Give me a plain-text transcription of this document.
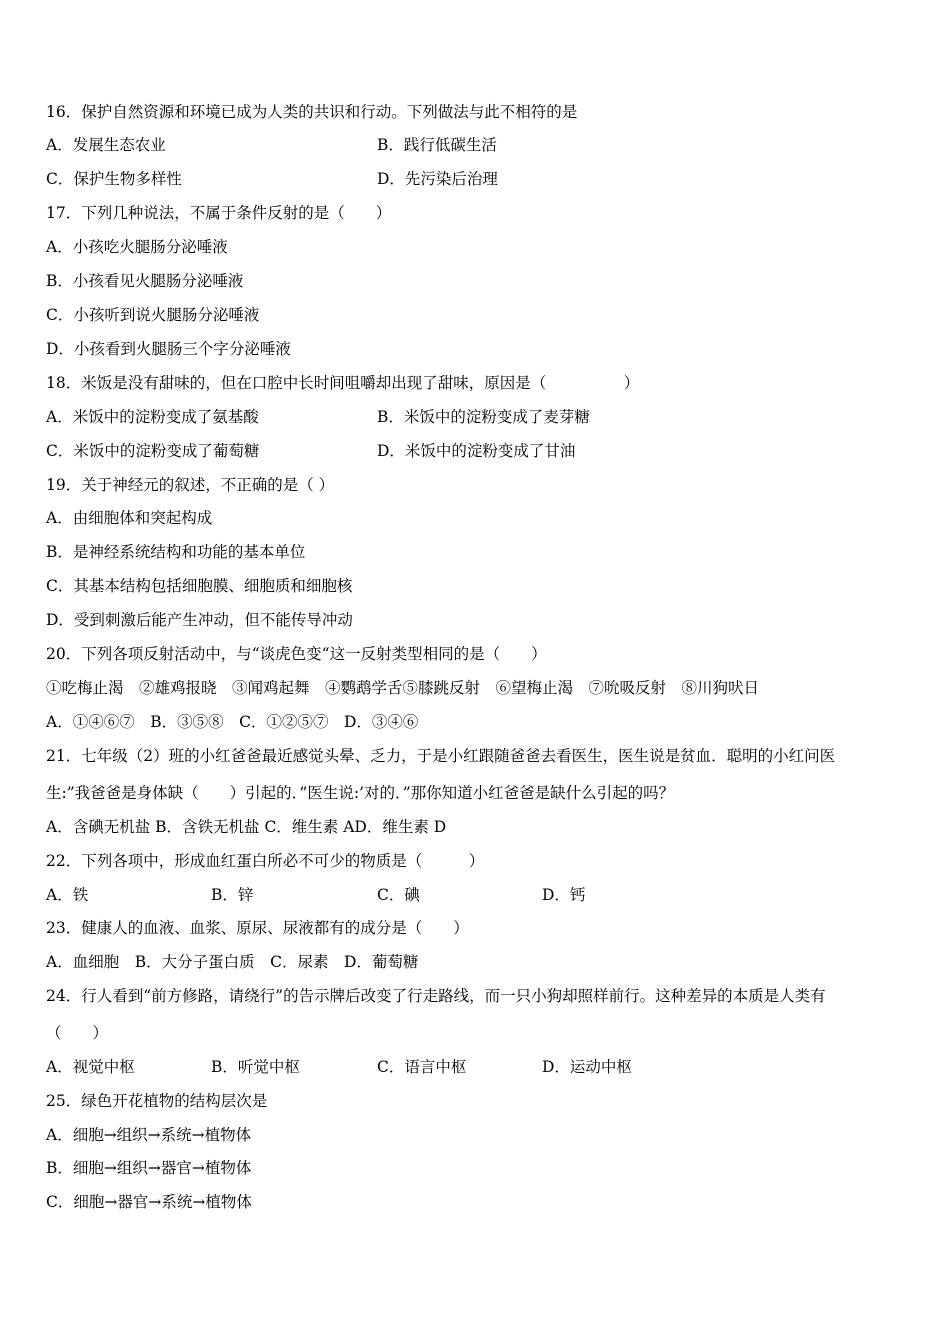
16．保护自然资源和环境已成为人类的共识和行动。下列做法与此不相符的是
A．发展生态农业	B．践行低碳生活
C．保护生物多样性	D．先污染后治理
17．下列几种说法，不属于条件反射的是（　　）
A．小孩吃火腿肠分泌唾液
B．小孩看见火腿肠分泌唾液
C．小孩听到说火腿肠分泌唾液
D．小孩看到火腿肠三个字分泌唾液
18．米饭是没有甜味的，但在口腔中长时间咀嚼却出现了甜味，原因是（　　　　　）
A．米饭中的淀粉变成了氨基酸	B．米饭中的淀粉变成了麦芽糖
C．米饭中的淀粉变成了葡萄糖	D．米饭中的淀粉变成了甘油
19．关于神经元的叙述，不正确的是（ ）
A．由细胞体和突起构成
B．是神经系统结构和功能的基本单位
C．其基本结构包括细胞膜、细胞质和细胞核
D．受到刺激后能产生冲动，但不能传导冲动
20．下列各项反射活动中，与“谈虎色变“这一反射类型相同的是（　　）
①吃梅止渴　②雄鸡报晓　③闻鸡起舞　④鹦鹉学舌⑤膝跳反射　⑥望梅止渴　⑦吮吸反射　⑧川狗吠日
A．①④⑥⑦　B．③⑤⑧　C．①②⑤⑦　D．③④⑥
21．七年级（2）班的小红爸爸最近感觉头晕、乏力，于是小红跟随爸爸去看医生，医生说是贫血．聪明的小红问医
生:”我爸爸是身体缺（　　）引起的．”医生说:’对的．”那你知道小红爸爸是缺什么引起的吗？
A．含碘无机盐 B．含铁无机盐 C．维生素 AD．维生素 D
22．下列各项中，形成血红蛋白所必不可少的物质是（　　　）
A．铁	B．锌	C．碘	D．钙
23．健康人的血液、血浆、原尿、尿液都有的成分是（　　）
A．血细胞　B．大分子蛋白质　C．尿素　D．葡萄糖
24．行人看到“前方修路，请绕行”的告示牌后改变了行走路线，而一只小狗却照样前行。这种差异的本质是人类有
（　　）
A．视觉中枢	B．听觉中枢	C．语言中枢	D．运动中枢
25．绿色开花植物的结构层次是
A．细胞→组织→系统→植物体
B．细胞→组织→器官→植物体
C．细胞→器官→系统→植物体
